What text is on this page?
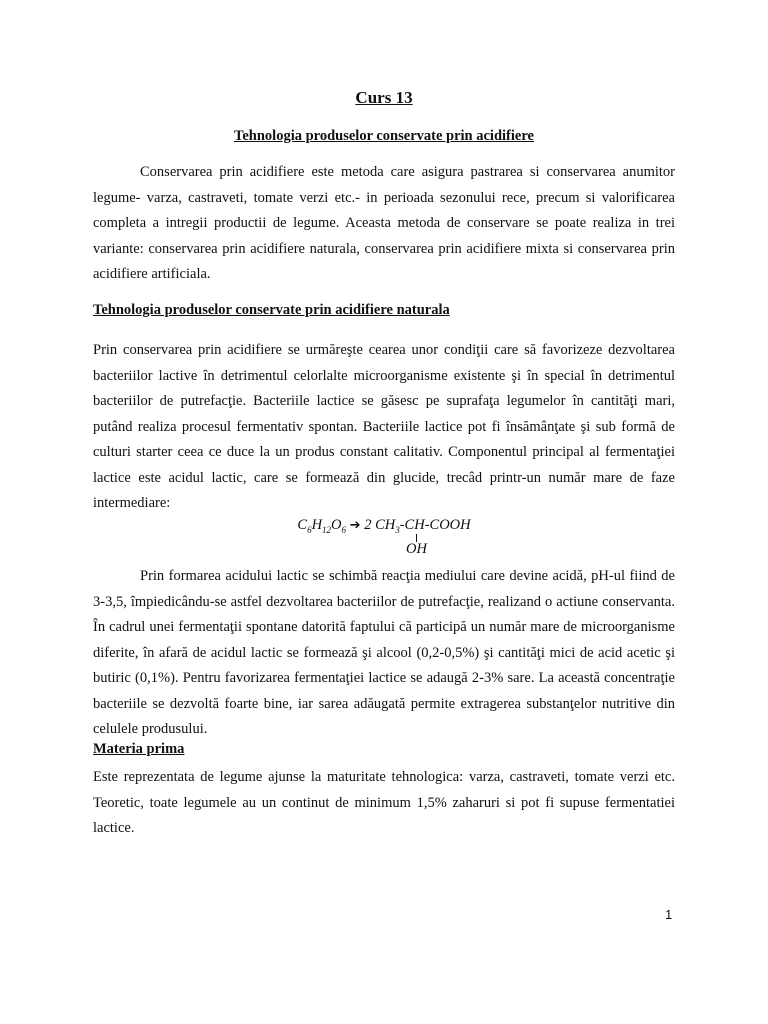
Curs 13
Tehnologia produselor conservate prin acidifiere

Conservarea prin acidifiere este metoda care asigura pastrarea si conservarea anumitor legume- varza, castraveti, tomate verzi etc.- in perioada sezonului rece, precum si valorificarea completa a intregii productii de legume. Aceasta metoda de conservare se poate realiza in trei variante: conservarea prin acidifiere naturala, conservarea prin acidifiere mixta si conservarea prin acidifiere artificiala.

Tehnologia produselor conservate prin acidifiere naturala

Prin conservarea prin acidifiere se urmăreşte cearea unor condiţii care să favorizeze dezvoltarea bacteriilor lactive în detrimentul celorlalte microorganisme existente şi în special în detrimentul bacteriilor de putrefacţie. Bacteriile lactice se găsesc pe suprafaţa legumelor în cantităţi mari, putând realiza procesul fermentativ spontan. Bacteriile lactice pot fi însămânţate şi sub formă de culturi starter ceea ce duce la un produs constant calitativ. Componentul principal al fermentaţiei lactice este acidul lactic, care se formează din glucide, trecâd printr-un număr mare de faze intermediare:

$C_6H_{12}O_6$ ➔ 2 $CH_3-CH$-COOH
OH

Prin formarea acidului lactic se schimbă reacţia mediului care devine acidă, pH-ul fiind de 3-3,5, împiedicându-se astfel dezvoltarea bacteriilor de putrefacţie, realizand o actiune conservanta. În cadrul unei fermentaţii spontane datorită faptului că participă un număr mare de microorganisme diferite, în afară de acidul lactic se formează şi alcool (0,2-0,5%) şi cantităţi mici de acid acetic şi butiric (0,1%). Pentru favorizarea fermentaţiei lactice se adaugă 2-3% sare. La această concentraţie bacteriile se dezvoltă foarte bine, iar sarea adăugată permite extragerea substanţelor nutritive din celulele produsului.

Materia prima

Este reprezentata de legume ajunse la maturitate tehnologica: varza, castraveti, tomate verzi etc. Teoretic, toate legumele au un continut de minimum 1,5% zaharuri si pot fi supuse fermentatiei lactice.

1
